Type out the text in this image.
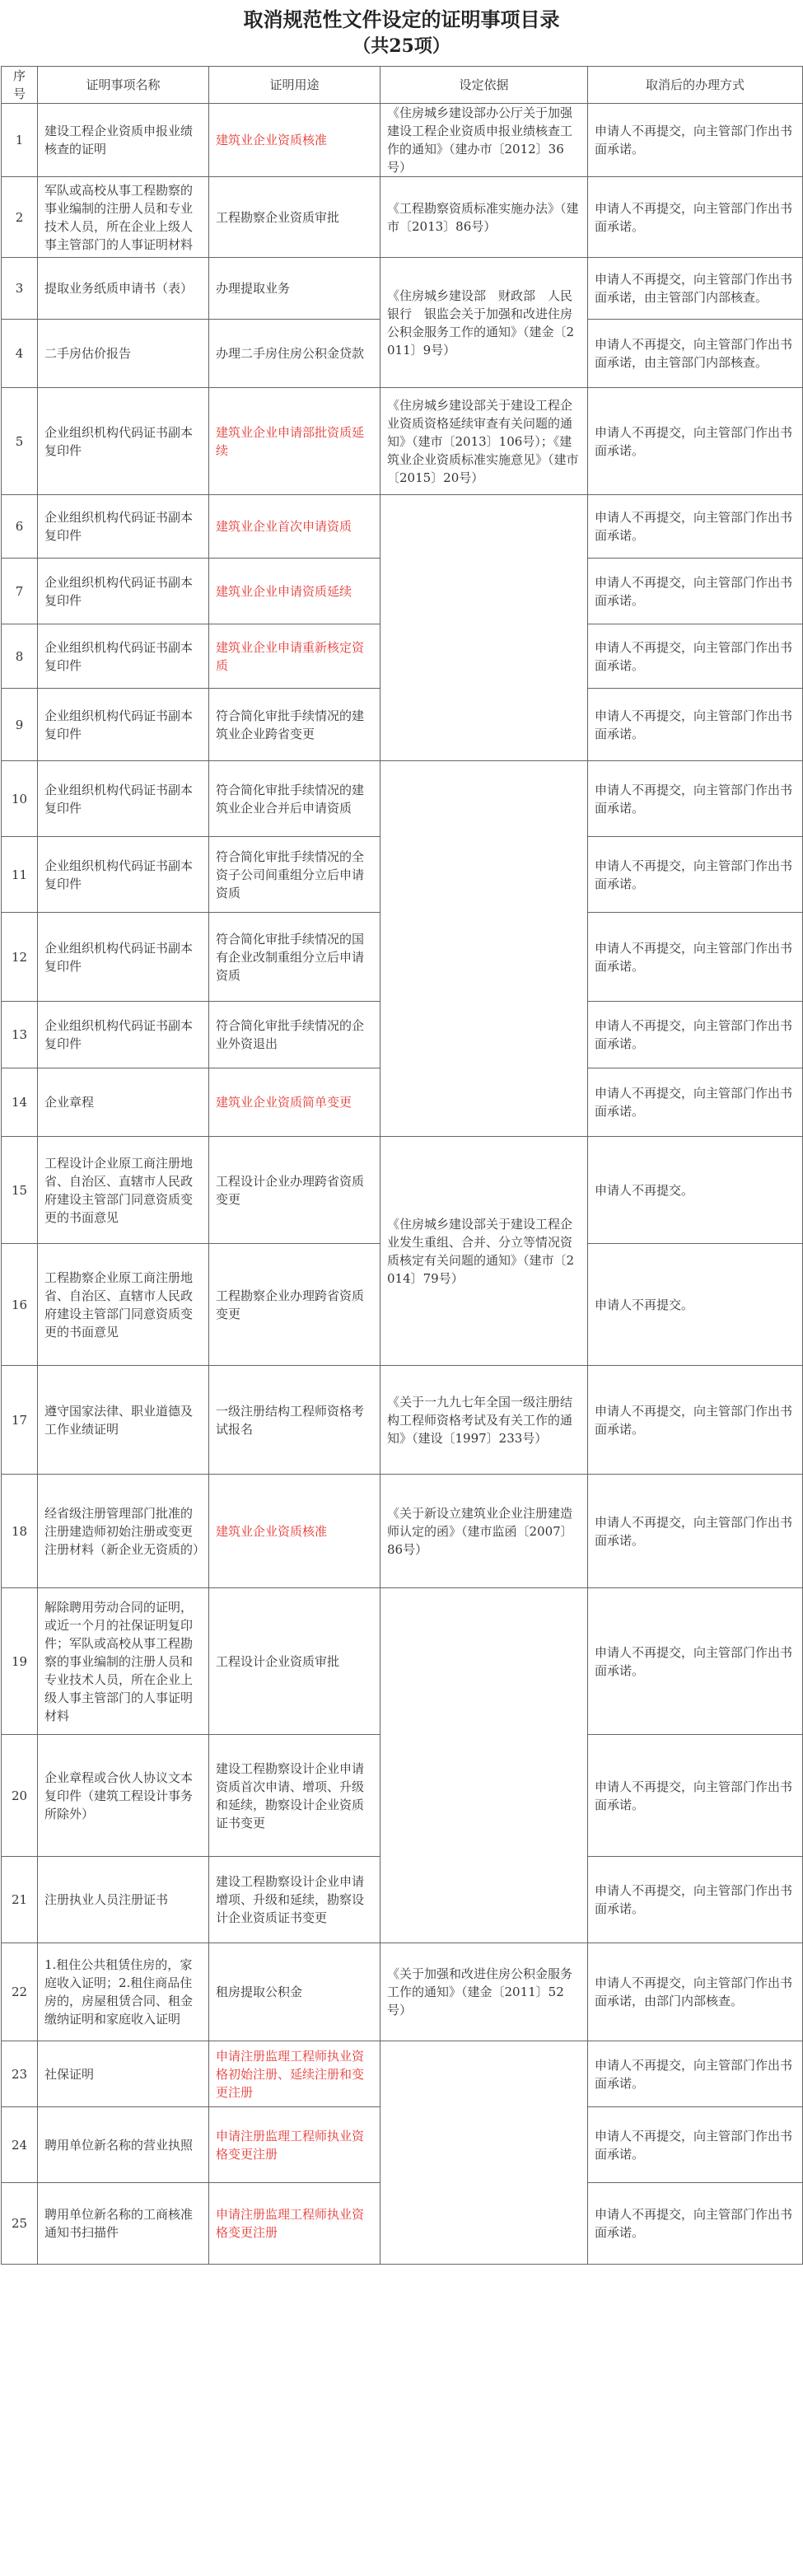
取消规范性文件设定的证明事项目录
（共25项）
序号	证明事项名称	证明用途	设定依据	取消后的办理方式
1	建设工程企业资质申报业绩核查的证明	建筑业企业资质核准	《住房城乡建设部办公厅关于加强建设工程企业资质申报业绩核查工作的通知》（建办市〔2012〕36号）	申请人不再提交，向主管部门作出书面承诺。
2	军队或高校从事工程勘察的事业编制的注册人员和专业技术人员，所在企业上级人事主管部门的人事证明材料	工程勘察企业资质审批	《工程勘察资质标准实施办法》（建市〔2013〕86号）	申请人不再提交，向主管部门作出书面承诺。
3	提取业务纸质申请书（表）	办理提取业务	《住房城乡建设部　财政部　人民银行　银监会关于加强和改进住房公积金服务工作的通知》（建金〔2011〕9号）	申请人不再提交，向主管部门作出书面承诺，由主管部门内部核查。
4	二手房估价报告	办理二手房住房公积金贷款		申请人不再提交，向主管部门作出书面承诺，由主管部门内部核查。
5	企业组织机构代码证书副本复印件	建筑业企业申请部批资质延续	《住房城乡建设部关于建设工程企业资质资格延续审查有关问题的通知》（建市〔2013〕106号）；《建筑业企业资质标准实施意见》（建市〔2015〕20号）	申请人不再提交，向主管部门作出书面承诺。
6	企业组织机构代码证书副本复印件	建筑业企业首次申请资质		申请人不再提交，向主管部门作出书面承诺。
7	企业组织机构代码证书副本复印件	建筑业企业申请资质延续		申请人不再提交，向主管部门作出书面承诺。
8	企业组织机构代码证书副本复印件	建筑业企业申请重新核定资质		申请人不再提交，向主管部门作出书面承诺。
9	企业组织机构代码证书副本复印件	符合简化审批手续情况的建筑业企业跨省变更		申请人不再提交，向主管部门作出书面承诺。
10	企业组织机构代码证书副本复印件	符合简化审批手续情况的建筑业企业合并后申请资质		申请人不再提交，向主管部门作出书面承诺。
11	企业组织机构代码证书副本复印件	符合简化审批手续情况的全资子公司间重组分立后申请资质		申请人不再提交，向主管部门作出书面承诺。
12	企业组织机构代码证书副本复印件	符合简化审批手续情况的国有企业改制重组分立后申请资质		申请人不再提交，向主管部门作出书面承诺。
13	企业组织机构代码证书副本复印件	符合简化审批手续情况的企业外资退出		申请人不再提交，向主管部门作出书面承诺。
14	企业章程	建筑业企业资质简单变更		申请人不再提交，向主管部门作出书面承诺。
15	工程设计企业原工商注册地省、自治区、直辖市人民政府建设主管部门同意资质变更的书面意见	工程设计企业办理跨省资质变更	《住房城乡建设部关于建设工程企业发生重组、合并、分立等情况资质核定有关问题的通知》（建市〔2014〕79号）	申请人不再提交。
16	工程勘察企业原工商注册地省、自治区、直辖市人民政府建设主管部门同意资质变更的书面意见	工程勘察企业办理跨省资质变更		申请人不再提交。
17	遵守国家法律、职业道德及工作业绩证明	一级注册结构工程师资格考试报名	《关于一九九七年全国一级注册结构工程师资格考试及有关工作的通知》（建设〔1997〕233号）	申请人不再提交，向主管部门作出书面承诺。
18	经省级注册管理部门批准的注册建造师初始注册或变更注册材料（新企业无资质的）	建筑业企业资质核准	《关于新设立建筑业企业注册建造师认定的函》（建市监函〔2007〕86号）	申请人不再提交，向主管部门作出书面承诺。
19	解除聘用劳动合同的证明，或近一个月的社保证明复印件；军队或高校从事工程勘察的事业编制的注册人员和专业技术人员，所在企业上级人事主管部门的人事证明材料	工程设计企业资质审批		申请人不再提交，向主管部门作出书面承诺。
20	企业章程或合伙人协议文本复印件（建筑工程设计事务所除外）	建设工程勘察设计企业申请资质首次申请、增项、升级和延续，勘察设计企业资质证书变更		申请人不再提交，向主管部门作出书面承诺。
21	注册执业人员注册证书	建设工程勘察设计企业申请增项、升级和延续，勘察设计企业资质证书变更		申请人不再提交，向主管部门作出书面承诺。
22	1.租住公共租赁住房的，家庭收入证明；2.租住商品住房的，房屋租赁合同、租金缴纳证明和家庭收入证明	租房提取公积金	《关于加强和改进住房公积金服务工作的通知》（建金〔2011〕52号）	申请人不再提交，向主管部门作出书面承诺，由部门内部核查。
23	社保证明	申请注册监理工程师执业资格初始注册、延续注册和变更注册		申请人不再提交，向主管部门作出书面承诺。
24	聘用单位新名称的营业执照	申请注册监理工程师执业资格变更注册		申请人不再提交，向主管部门作出书面承诺。
25	聘用单位新名称的工商核准通知书扫描件	申请注册监理工程师执业资格变更注册		申请人不再提交，向主管部门作出书面承诺。
